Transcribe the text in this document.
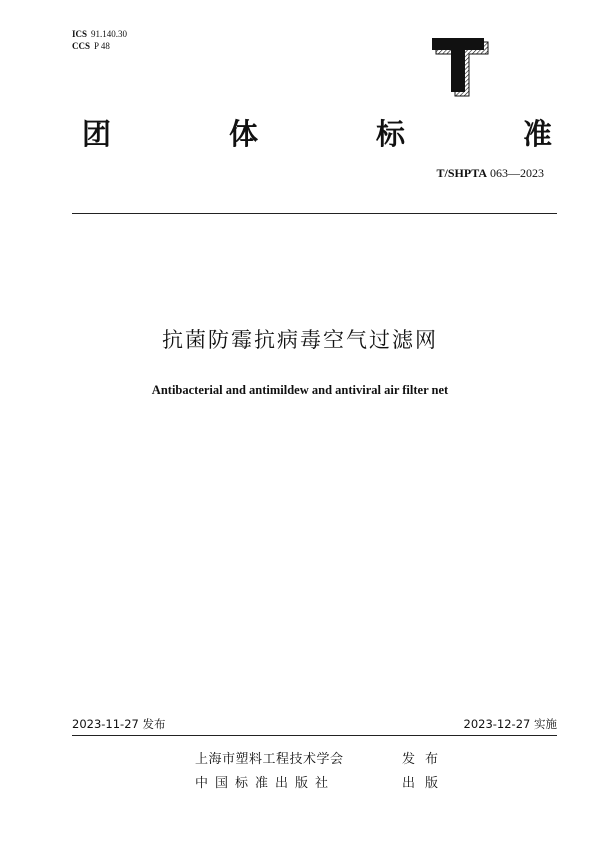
ICS 91.140.30
CCS P 48
团	体	标	准
T/SHPTA 063—2023
抗菌防霉抗病毒空气过滤网
Antibacterial and antimildew and antiviral air filter net
2023-11-27 发布	2023-12-27 实施
上海市塑料工程技术学会	发布
中国标准出版社	出版
